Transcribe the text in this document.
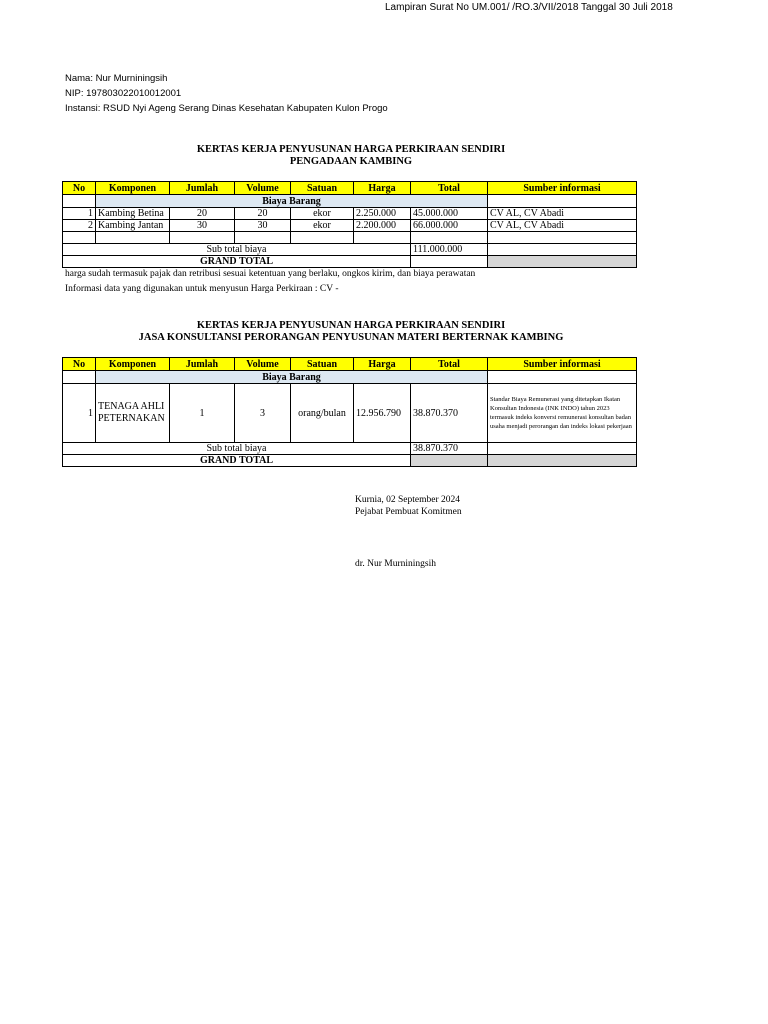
Lampiran Surat No UM.001/ /RO.3/VII/2018 Tanggal 30 Juli 2018
Nama: Nur Murniningsih
NIP: 197803022010012001
Instansi: RSUD Nyi Ageng Serang Dinas Kesehatan Kabupaten Kulon Progo
KERTAS KERJA PENYUSUNAN HARGA PERKIRAAN SENDIRI
PENGADAAN KAMBING
No	Komponen	Jumlah	Volume	Satuan	Harga	Total	Sumber informasi
	Biaya Barang						
1	Kambing Betina	20	20	ekor	2.250.000	45.000.000	CV AL, CV Abadi
2	Kambing Jantan	30	30	ekor	2.200.000	66.000.000	CV AL, CV Abadi

Sub total biaya						111.000.000	
GRAND TOTAL							
harga sudah termasuk pajak dan retribusi sesuai ketentuan yang berlaku, ongkos kirim, dan biaya perawatan
Informasi data yang digunakan untuk menyusun Harga Perkiraan : CV -
KERTAS KERJA PENYUSUNAN HARGA PERKIRAAN SENDIRI
JASA KONSULTANSI PERORANGAN PENYUSUNAN MATERI BERTERNAK KAMBING
No	Komponen	Jumlah	Volume	Satuan	Harga	Total	Sumber informasi
	Biaya Barang						
1	TENAGA AHLI
PETERNAKAN	1	3	orang/bulan	12.956.790	38.870.370	Standar Biaya Remunerasi yang ditetapkan Ikatan Konsultan Indonesia (INK INDO) tahun 2023 termasuk indeks konversi remunerasi konsultan badan usaha menjadi perorangan dan indeks lokasi pekerjaan
Sub total biaya						38.870.370	
GRAND TOTAL							
Kurnia, 02 September 2024
Pejabat Pembuat Komitmen
dr. Nur Murniningsih
